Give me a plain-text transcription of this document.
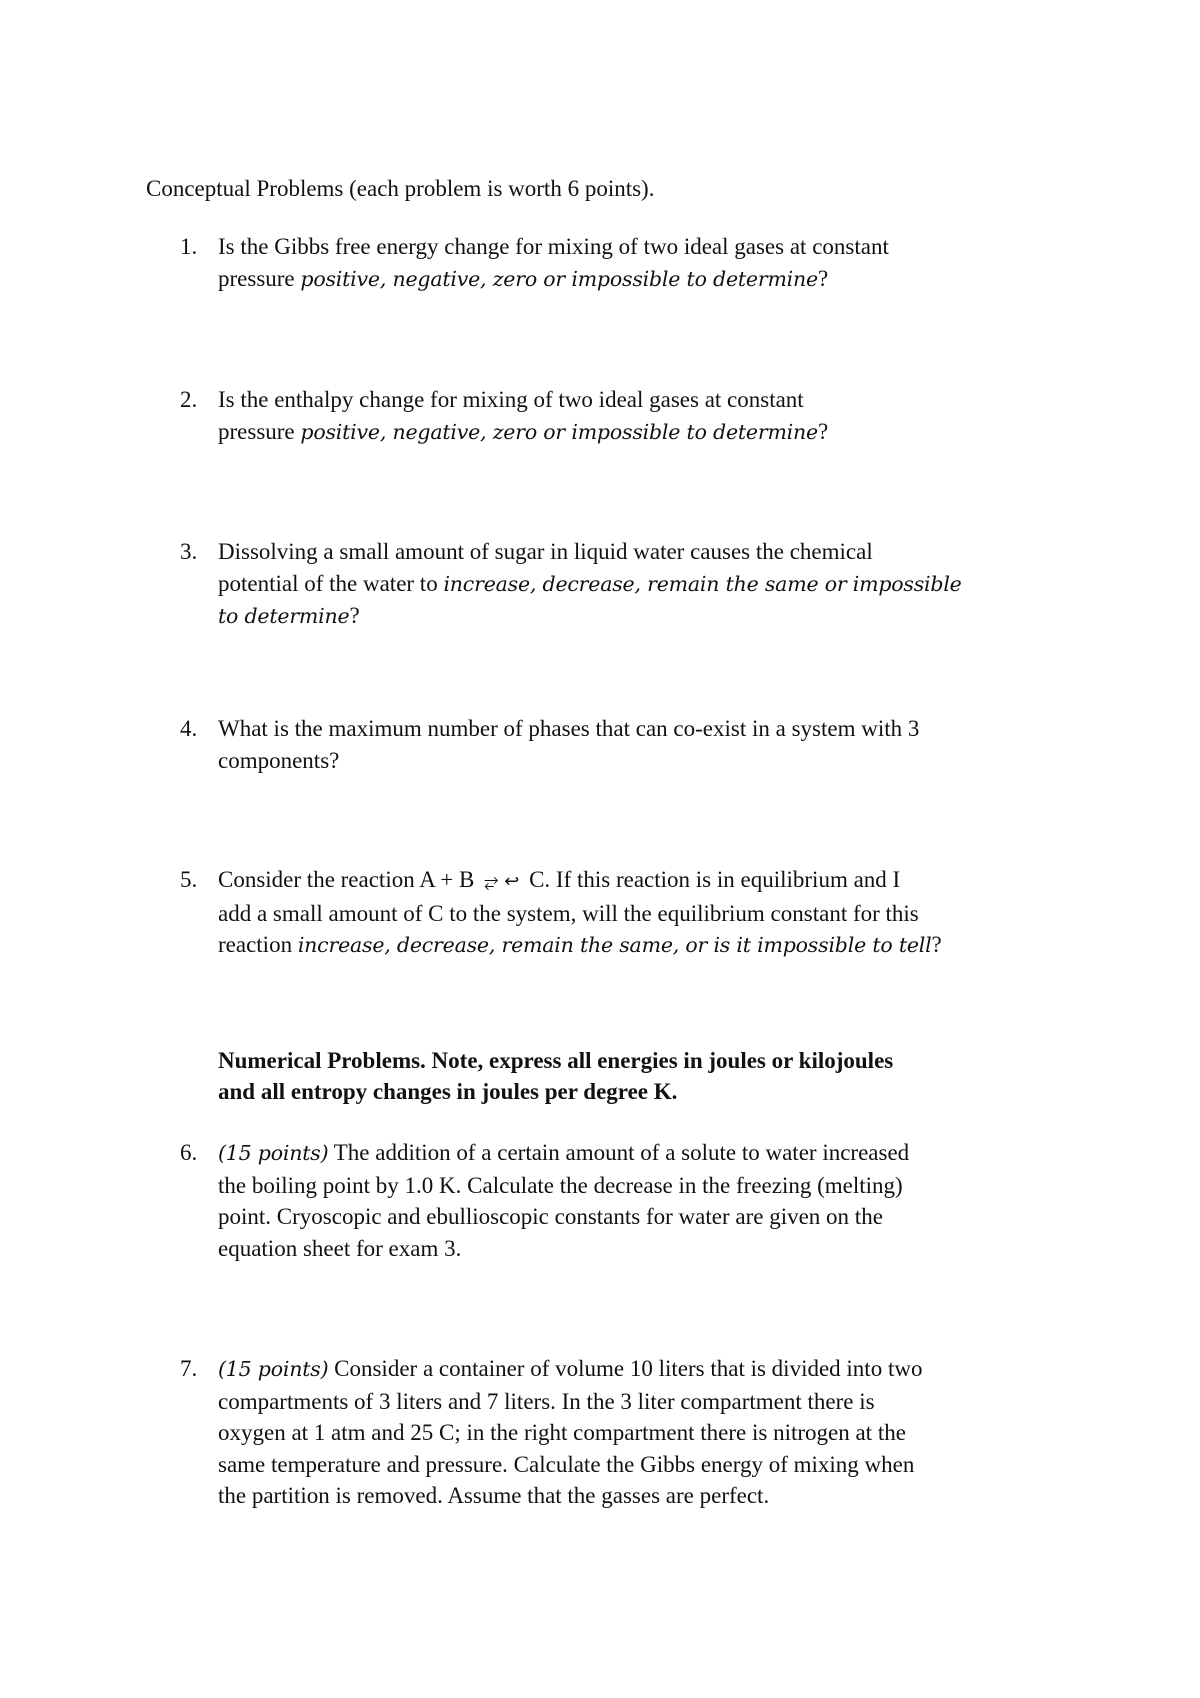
Conceptual Problems (each problem is worth 6 points).
1. Is the Gibbs free energy change for mixing of two ideal gases at constant
pressure positive, negative, zero or impossible to determine?
2. Is the enthalpy change for mixing of two ideal gases at constant
pressure positive, negative, zero or impossible to determine?
3. Dissolving a small amount of sugar in liquid water causes the chemical
potential of the water to increase, decrease, remain the same or impossible
to determine?
4. What is the maximum number of phases that can co-exist in a system with 3
components?
5. Consider the reaction A + B ⥂ ↩ C. If this reaction is in equilibrium and I
add a small amount of C to the system, will the equilibrium constant for this
reaction increase, decrease, remain the same, or is it impossible to tell?
Numerical Problems. Note, express all energies in joules or kilojoules
and all entropy changes in joules per degree K.
6. (15 points) The addition of a certain amount of a solute to water increased
the boiling point by 1.0 K. Calculate the decrease in the freezing (melting)
point. Cryoscopic and ebullioscopic constants for water are given on the
equation sheet for exam 3.
7. (15 points) Consider a container of volume 10 liters that is divided into two
compartments of 3 liters and 7 liters. In the 3 liter compartment there is
oxygen at 1 atm and 25 C; in the right compartment there is nitrogen at the
same temperature and pressure. Calculate the Gibbs energy of mixing when
the partition is removed. Assume that the gasses are perfect.
